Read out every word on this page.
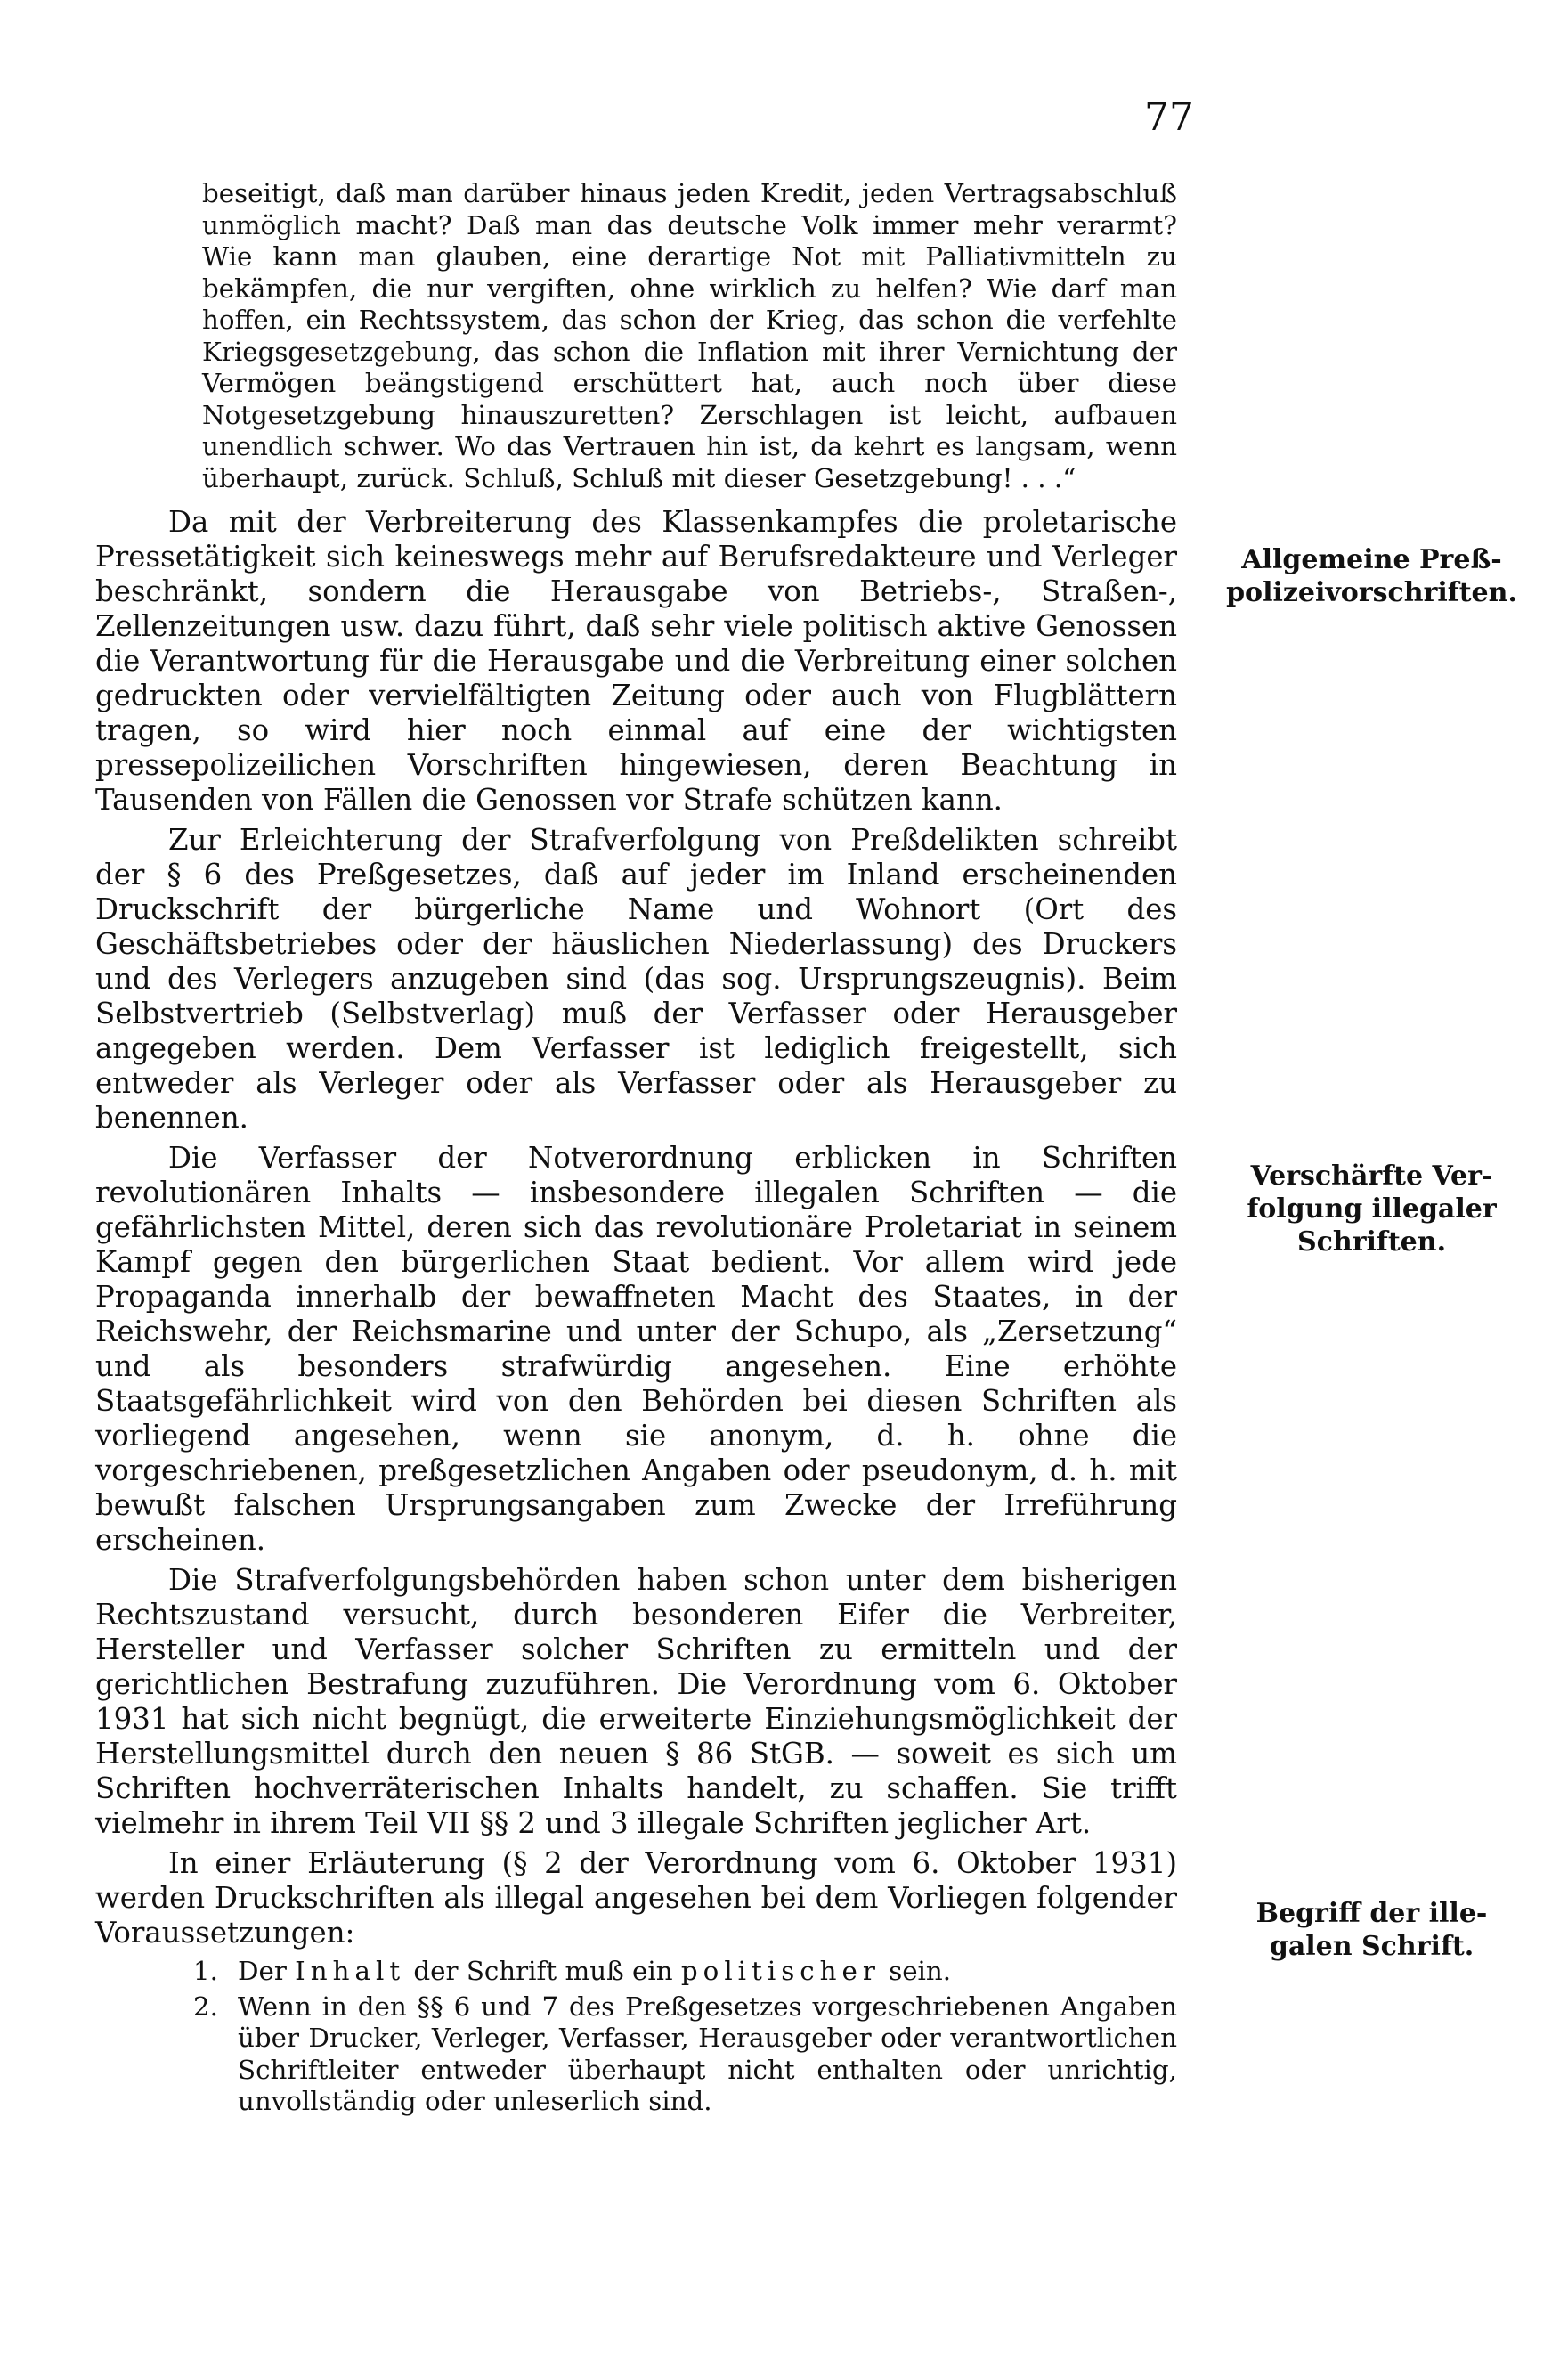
77

beseitigt, daß man darüber hinaus jeden Kredit, jeden Vertragsabschluß unmöglich macht? Daß man das deutsche Volk immer mehr verarmt? Wie kann man glauben, eine derartige Not mit Palliativmitteln zu bekämpfen, die nur vergiften, ohne wirklich zu helfen? Wie darf man hoffen, ein Rechtssystem, das schon der Krieg, das schon die verfehlte Kriegsgesetzgebung, das schon die Inflation mit ihrer Vernichtung der Vermögen beängstigend erschüttert hat, auch noch über diese Notgesetzgebung hinauszuretten? Zerschlagen ist leicht, aufbauen unendlich schwer. Wo das Vertrauen hin ist, da kehrt es langsam, wenn überhaupt, zurück. Schluß, Schluß mit dieser Gesetzgebung! . . .“

Da mit der Verbreiterung des Klassenkampfes die proletarische Pressetätigkeit sich keineswegs mehr auf Berufsredakteure und Verleger beschränkt, sondern die Herausgabe von Betriebs-, Straßen-, Zellenzeitungen usw. dazu führt, daß sehr viele politisch aktive Genossen die Verantwortung für die Herausgabe und die Verbreitung einer solchen gedruckten oder vervielfältigten Zeitung oder auch von Flugblättern tragen, so wird hier noch einmal auf eine der wichtigsten pressepolizeilichen Vorschriften hingewiesen, deren Beachtung in Tausenden von Fällen die Genossen vor Strafe schützen kann.

Zur Erleichterung der Strafverfolgung von Preßdelikten schreibt der § 6 des Preßgesetzes, daß auf jeder im Inland erscheinenden Druckschrift der bürgerliche Name und Wohnort (Ort des Geschäftsbetriebes oder der häuslichen Niederlassung) des Druckers und des Verlegers anzugeben sind (das sog. Ursprungszeugnis). Beim Selbstvertrieb (Selbstverlag) muß der Verfasser oder Herausgeber angegeben werden. Dem Verfasser ist lediglich freigestellt, sich entweder als Verleger oder als Verfasser oder als Herausgeber zu benennen.

Die Verfasser der Notverordnung erblicken in Schriften revolutionären Inhalts — insbesondere illegalen Schriften — die gefährlichsten Mittel, deren sich das revolutionäre Proletariat in seinem Kampf gegen den bürgerlichen Staat bedient. Vor allem wird jede Propaganda innerhalb der bewaffneten Macht des Staates, in der Reichswehr, der Reichsmarine und unter der Schupo, als „Zersetzung“ und als besonders strafwürdig angesehen. Eine erhöhte Staatsgefährlichkeit wird von den Behörden bei diesen Schriften als vorliegend angesehen, wenn sie anonym, d. h. ohne die vorgeschriebenen, preßgesetzlichen Angaben oder pseudonym, d. h. mit bewußt falschen Ursprungsangaben zum Zwecke der Irreführung erscheinen.

Die Strafverfolgungsbehörden haben schon unter dem bisherigen Rechtszustand versucht, durch besonderen Eifer die Verbreiter, Hersteller und Verfasser solcher Schriften zu ermitteln und der gerichtlichen Bestrafung zuzuführen. Die Verordnung vom 6. Oktober 1931 hat sich nicht begnügt, die erweiterte Einziehungsmöglichkeit der Herstellungsmittel durch den neuen § 86 StGB. — soweit es sich um Schriften hochverräterischen Inhalts handelt, zu schaffen. Sie trifft vielmehr in ihrem Teil VII §§ 2 und 3 illegale Schriften jeglicher Art.

In einer Erläuterung (§ 2 der Verordnung vom 6. Oktober 1931) werden Druckschriften als illegal angesehen bei dem Vorliegen folgender Voraussetzungen:

1. Der Inhalt der Schrift muß ein politischer sein.
2. Wenn in den §§ 6 und 7 des Preßgesetzes vorgeschriebenen Angaben über Drucker, Verleger, Verfasser, Herausgeber oder verantwortlichen Schriftleiter entweder überhaupt nicht enthalten oder unrichtig, unvollständig oder unleserlich sind.
Allgemeine Preß-
polizeivorschriften.
Verschärfte Ver-
folgung illegaler
Schriften.
Begriff der ille-
galen Schrift.
